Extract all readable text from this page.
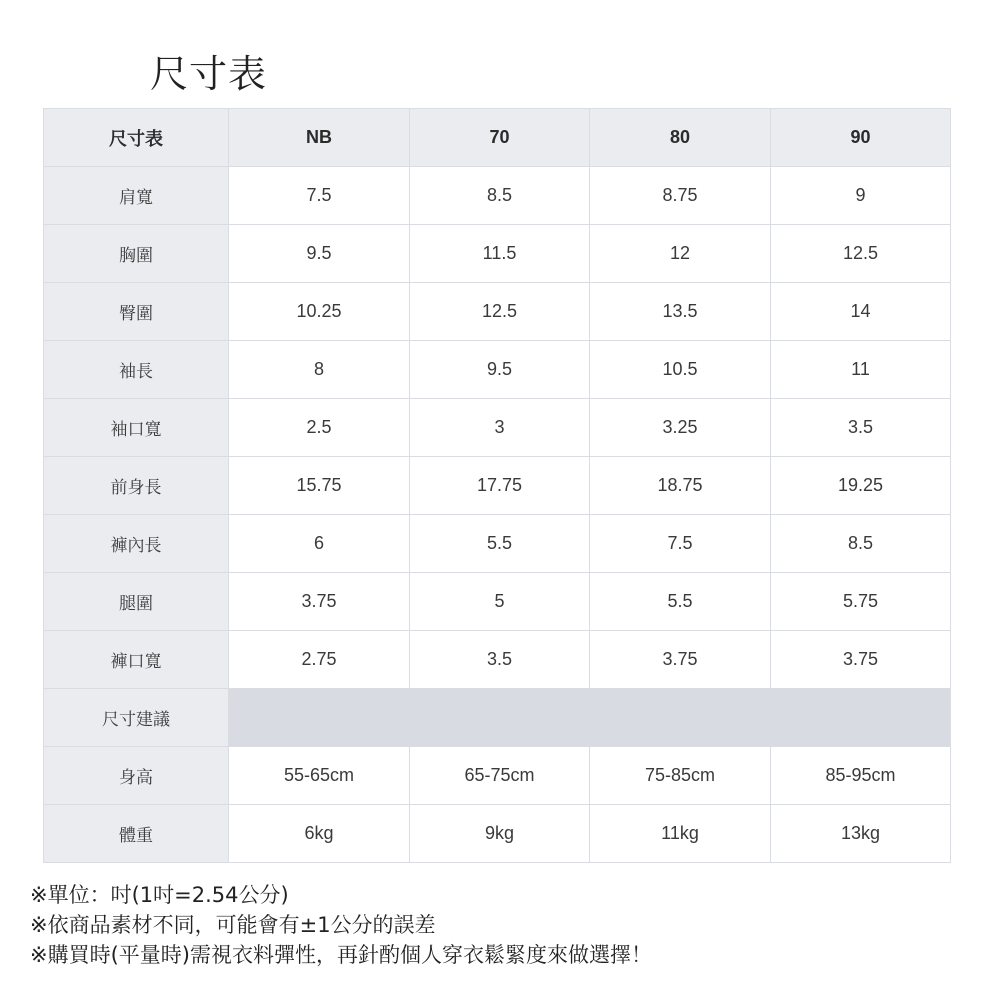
尺寸表
尺寸表	NB	70	80	90
肩寬	7.5	8.5	8.75	9
胸圍	9.5	11.5	12	12.5
臀圍	10.25	12.5	13.5	14
袖長	8	9.5	10.5	11
袖口寬	2.5	3	3.25	3.5
前身長	15.75	17.75	18.75	19.25
褲內長	6	5.5	7.5	8.5
腿圍	3.75	5	5.5	5.75
褲口寬	2.75	3.5	3.75	3.75
尺寸建議				
身高	55-65cm	65-75cm	75-85cm	85-95cm
體重	6kg	9kg	11kg	13kg
※單位：吋(1吋=2.54公分)
※依商品素材不同，可能會有±1公分的誤差
※購買時(平量時)需視衣料彈性，再針酌個人穿衣鬆緊度來做選擇！
